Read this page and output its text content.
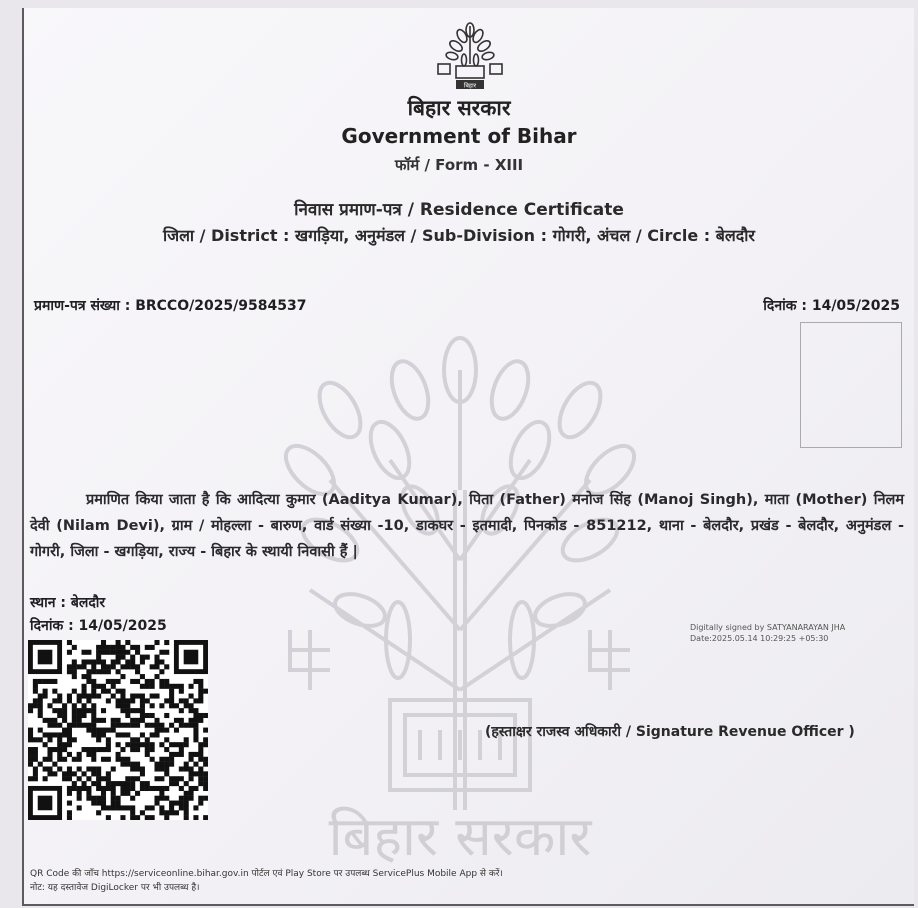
बिहार सरकार
बिहार
बिहार सरकार
Government of Bihar
फॉर्म / Form - XIII
निवास प्रमाण-पत्र / Residence Certificate
जिला / District : खगड़िया, अनुमंडल / Sub-Division : गोगरी, अंचल / Circle : बेलदौर
प्रमाण-पत्र संख्या : BRCCO/2025/9584537	दिनांक : 14/05/2025
प्रमाणित किया जाता है कि आदित्या कुमार (Aaditya Kumar), पिता (Father) मनोज सिंह (Manoj Singh), माता (Mother) निलम देवी (Nilam Devi), ग्राम / मोहल्ला - बारुण, वार्ड संख्या -10, डाकघर - इतमादी, पिनकोड - 851212, थाना - बेलदौर, प्रखंड - बेलदौर, अनुमंडल - गोगरी, जिला - खगड़िया, राज्य - बिहार के स्थायी निवासी हैं |
स्थान : बेलदौर
दिनांक : 14/05/2025	Digitally signed by SATYANARAYAN JHA
Date:2025.05.14 10:29:25 +05:30
(हस्ताक्षर राजस्व अधिकारी / Signature Revenue Officer )
QR Code की जाँच https://serviceonline.bihar.gov.in पोर्टल एवं Play Store पर उपलब्ध ServicePlus Mobile App से करें।
नोट: यह दस्तावेज DigiLocker पर भी उपलब्ध है।
